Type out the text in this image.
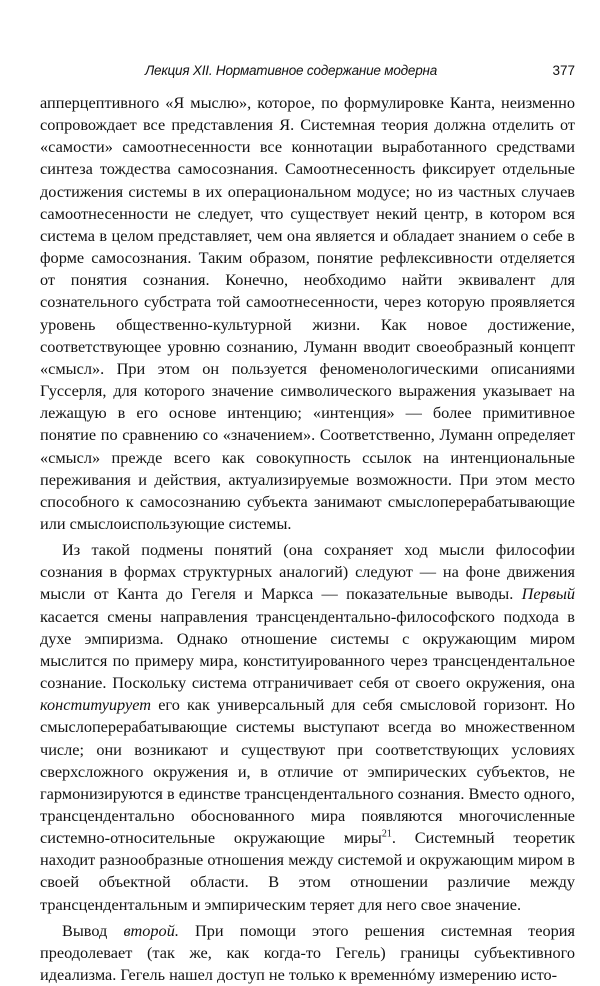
Лекция XII. Нормативное содержание модерна	377

апперцептивного «Я мыслю», которое, по формулировке Канта, неизменно сопровождает все представления Я. Системная теория должна отделить от «самости» самоотнесенности все коннотации выработанного средствами синтеза тождества самосознания. Самоотнесенность фиксирует отдельные достижения системы в их операциональном модусе; но из частных случаев самоотнесенности не следует, что существует некий центр, в котором вся система в целом представляет, чем она является и обладает знанием о себе в форме самосознания. Таким образом, понятие рефлексивности отделяется от понятия сознания. Конечно, необходимо найти эквивалент для сознательного субстрата той самоотнесенности, через которую проявляется уровень общественно-культурной жизни. Как новое достижение, соответствующее уровню сознанию, Луманн вводит своеобразный концепт «смысл». При этом он пользуется феноменологическими описаниями Гуссерля, для которого значение символического выражения указывает на лежащую в его основе интенцию; «интенция» — более примитивное понятие по сравнению со «значением». Соответственно, Луманн определяет «смысл» прежде всего как совокупность ссылок на интенциональные переживания и действия, актуализируемые возможности. При этом место способного к самосознанию субъекта занимают смыслоперерабатывающие или смыслоиспользующие системы.

Из такой подмены понятий (она сохраняет ход мысли философии сознания в формах структурных аналогий) следуют — на фоне движения мысли от Канта до Гегеля и Маркса — показательные выводы. Первый касается смены направления трансцендентально-философского подхода в духе эмпиризма. Однако отношение системы с окружающим миром мыслится по примеру мира, конституированного через трансцендентальное сознание. Поскольку система отграничивает себя от своего окружения, она конституирует его как универсальный для себя смысловой горизонт. Но смыслоперерабатывающие системы выступают всегда во множественном числе; они возникают и существуют при соответствующих условиях сверхсложного окружения и, в отличие от эмпирических субъектов, не гармонизируются в единстве трансцендентального сознания. Вместо одного, трансцендентально обоснованного мира появляются многочисленные системно-относительные окружающие миры$^{21}$. Системный теоретик находит разнообразные отношения между системой и окружающим миром в своей объектной области. В этом отношении различие между трансцендентальным и эмпирическим теряет для него свое значение.

Вывод второй. При помощи этого решения системная теория преодолевает (так же, как когда-то Гегель) границы субъективного идеализма. Гегель нашел доступ не только к временнóму измерению исто-
